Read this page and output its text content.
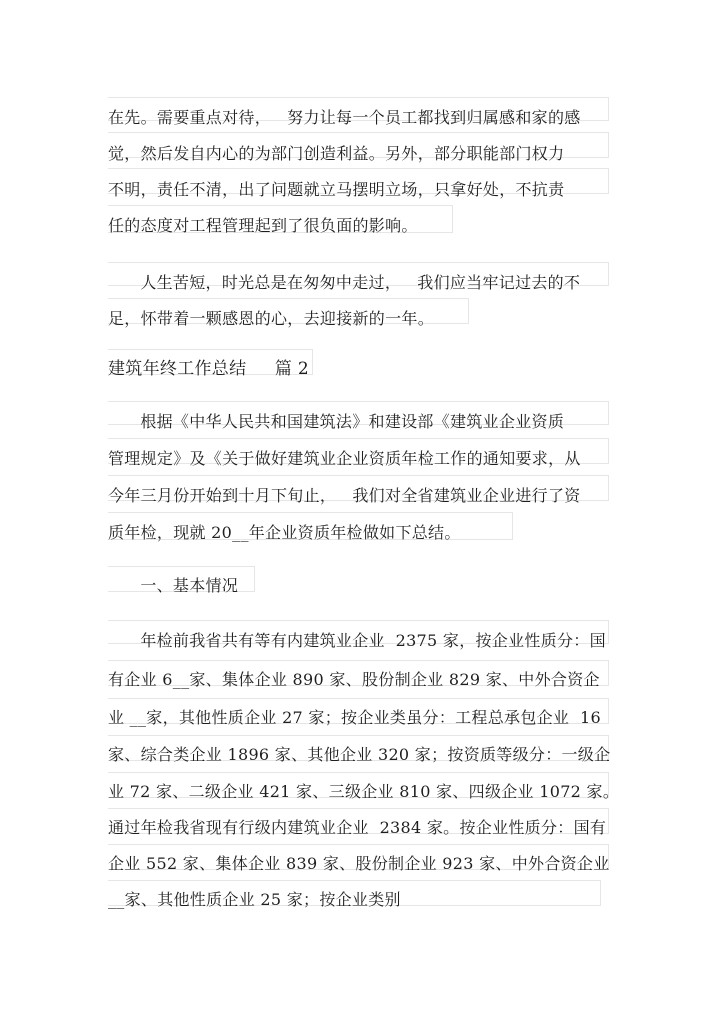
在先。需要重点对待，   努力让每一个员工都找到归属感和家的感
觉，然后发自内心的为部门创造利益。另外，部分职能部门权力
不明，责任不清，出了问题就立马摆明立场，只拿好处，不抗责
任的态度对工程管理起到了很负面的影响。
人生苦短，时光总是在匆匆中走过，   我们应当牢记过去的不
足，怀带着一颗感恩的心，去迎接新的一年。
建筑年终工作总结     篇 2
根据《中华人民共和国建筑法》和建设部《建筑业企业资质
管理规定》及《关于做好建筑业企业资质年检工作的通知要求，从
今年三月份开始到十月下旬止，   我们对全省建筑业企业进行了资
质年检，现就 20__年企业资质年检做如下总结。
一、基本情况
年检前我省共有等有内建筑业企业  2375 家，按企业性质分：国
有企业 6__家、集体企业 890 家、股份制企业 829 家、中外合资企
业 __家，其他性质企业 27 家；按企业类虽分：工程总承包企业  16
家、综合类企业 1896 家、其他企业 320 家；按资质等级分：一级企
业 72 家、二级企业 421 家、三级企业 810 家、四级企业 1072 家。
通过年检我省现有行级内建筑业企业  2384 家。按企业性质分：国有
企业 552 家、集体企业 839 家、股份制企业 923 家、中外合资企业
__家、其他性质企业 25 家；按企业类别
